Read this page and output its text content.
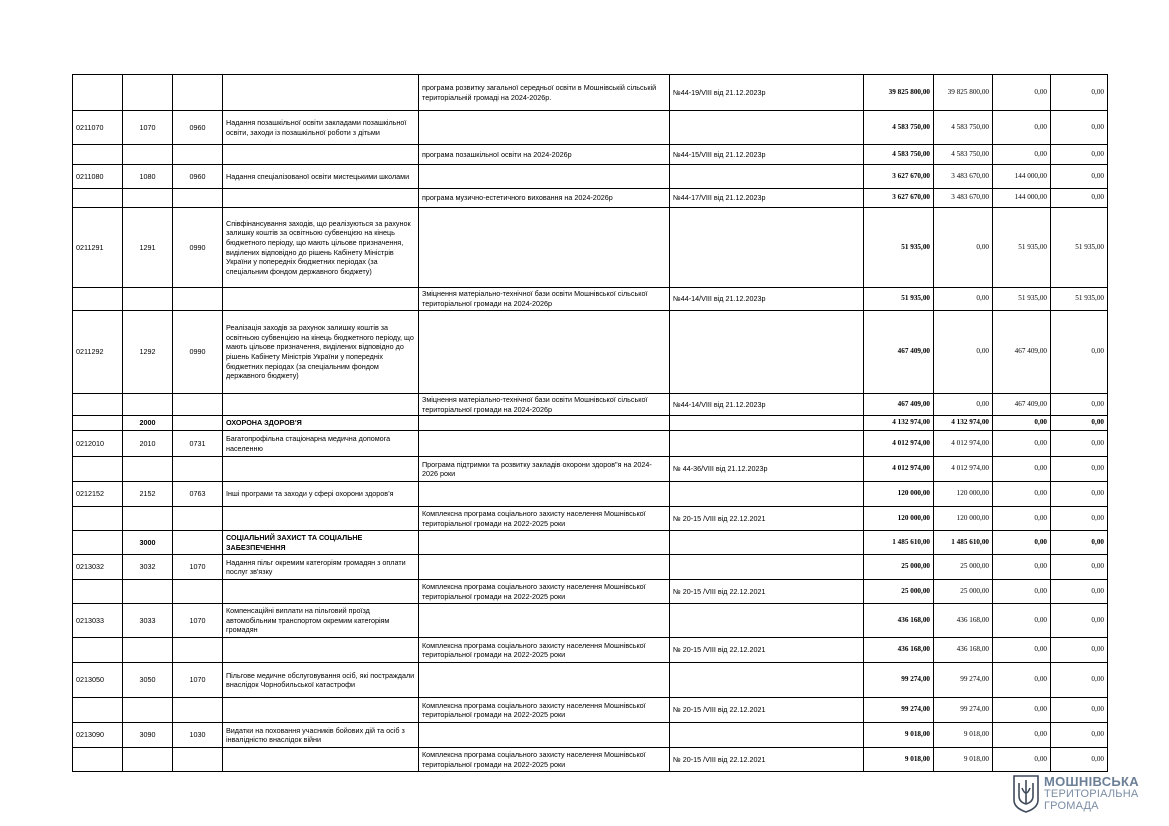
				програма розвитку загальної середньої освіти в Мошнівській сільській територіальній громаді на 2024-2026р.	№44-19/VIII від 21.12.2023р	39 825 800,00	39 825 800,00	0,00	0,00
0211070	1070	0960	Надання позашкільної освіти закладами позашкільної освіти, заходи із позашкільної роботи з дітьми			4 583 750,00	4 583 750,00	0,00	0,00
				програма позашкільної освіти на 2024-2026р	№44-15/VIII від 21.12.2023р	4 583 750,00	4 583 750,00	0,00	0,00
0211080	1080	0960	Надання спеціалізованої освіти мистецькими школами			3 627 670,00	3 483 670,00	144 000,00	0,00
				програма музично-естетичного виховання на 2024-2026р	№44-17/VIII від 21.12.2023р	3 627 670,00	3 483 670,00	144 000,00	0,00
0211291	1291	0990	Співфінансування заходів, що реалізуються за рахунок залишку коштів за освітньою субвенцією на кінець бюджетного періоду, що мають цільове призначення, виділених відповідно до рішень Кабінету Міністрів України у попередніх бюджетних періодах (за спеціальним фондом державного бюджету)			51 935,00	0,00	51 935,00	51 935,00
				Зміцнення матеріально-технічної бази освіти Мошнівської сільської територіальної громади на 2024-2026р	№44-14/VIII від 21.12.2023р	51 935,00	0,00	51 935,00	51 935,00
0211292	1292	0990	Реалізація заходів за рахунок залишку коштів за освітньою субвенцією на кінець бюджетного періоду, що мають цільове призначення, виділених відповідно до рішень Кабінету Міністрів України у попередніх бюджетних періодах (за спеціальним фондом державного бюджету)			467 409,00	0,00	467 409,00	0,00
				Зміцнення матеріально-технічної бази освіти Мошнівської сільської територіальної громади на 2024-2026р	№44-14/VIII від 21.12.2023р	467 409,00	0,00	467 409,00	0,00
	2000		ОХОРОНА ЗДОРОВ'Я			4 132 974,00	4 132 974,00	0,00	0,00
0212010	2010	0731	Багатопрофільна стаціонарна медична допомога населенню			4 012 974,00	4 012 974,00	0,00	0,00
				Програма підтримки та розвитку закладів охорони здоров"я на 2024-2026 роки	№ 44-36/VIII від 21.12.2023р	4 012 974,00	4 012 974,00	0,00	0,00
0212152	2152	0763	Інші програми та заходи у сфері охорони здоров’я			120 000,00	120 000,00	0,00	0,00
				Комплексна програма соціального захисту населення Мошнівської територіальної громади на 2022-2025 роки	№ 20-15 /VIII від 22.12.2021	120 000,00	120 000,00	0,00	0,00
	3000		СОЦІАЛЬНИЙ ЗАХИСТ ТА СОЦІАЛЬНЕ ЗАБЕЗПЕЧЕННЯ			1 485 610,00	1 485 610,00	0,00	0,00
0213032	3032	1070	Надання пільг окремим категоріям громадян з оплати послуг зв'язку			25 000,00	25 000,00	0,00	0,00
				Комплексна програма соціального захисту населення Мошнівської територіальної громади на 2022-2025 роки	№ 20-15 /VIII від 22.12.2021	25 000,00	25 000,00	0,00	0,00
0213033	3033	1070	Компенсаційні виплати на пільговий проїзд автомобільним транспортом окремим категоріям громадян			436 168,00	436 168,00	0,00	0,00
				Комплексна програма соціального захисту населення Мошнівської територіальної громади на 2022-2025 роки	№ 20-15 /VIII від 22.12.2021	436 168,00	436 168,00	0,00	0,00
0213050	3050	1070	Пільгове медичне обслуговування осіб, які постраждали внаслідок Чорнобильської катастрофи			99 274,00	99 274,00	0,00	0,00
				Комплексна програма соціального захисту населення Мошнівської територіальної громади на 2022-2025 роки	№ 20-15 /VIII від 22.12.2021	99 274,00	99 274,00	0,00	0,00
0213090	3090	1030	Видатки на поховання учасників бойових дій та осіб з інвалідністю внаслідок війни			9 018,00	9 018,00	0,00	0,00
				Комплексна програма соціального захисту населення Мошнівської територіальної громади на 2022-2025 роки	№ 20-15 /VIII від 22.12.2021	9 018,00	9 018,00	0,00	0,00
МОШНІВСЬКА
ТЕРИТОРІАЛЬНА
ГРОМАДА
